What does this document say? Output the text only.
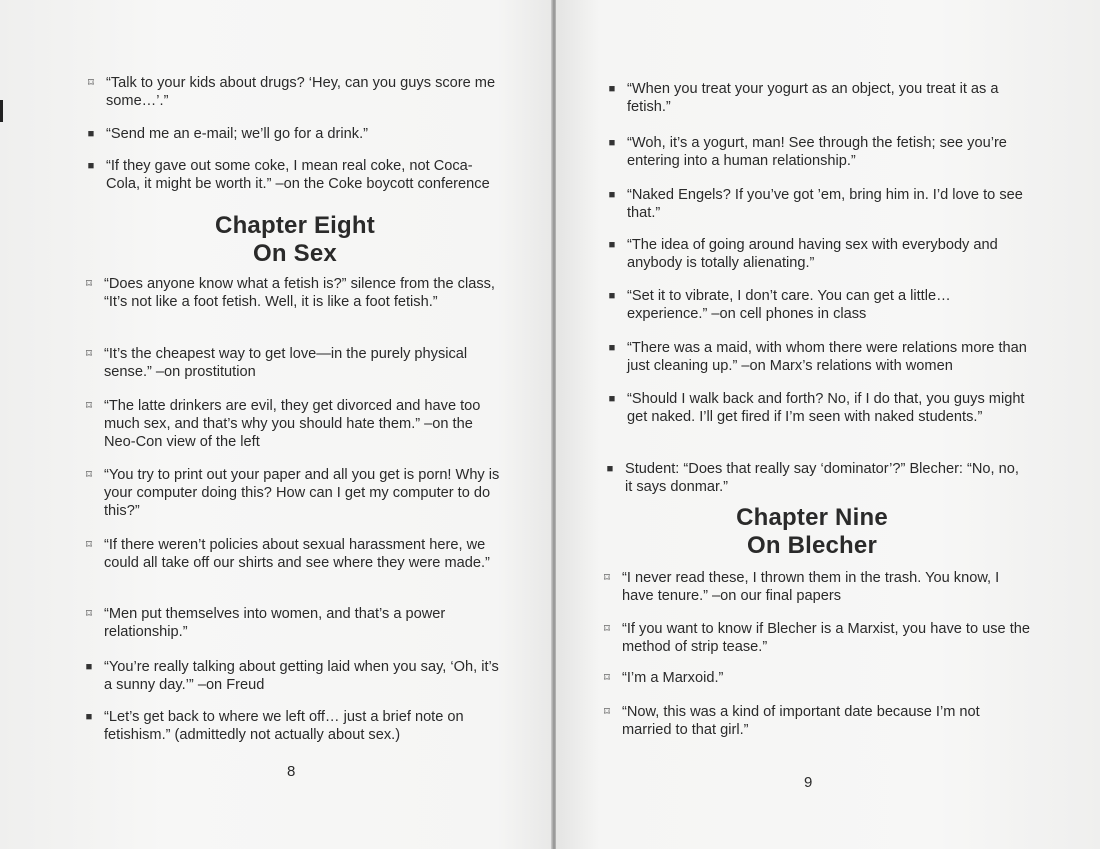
⌑ “Talk to your kids about drugs? ‘Hey, can you guys score me some…’.”
■ “Send me an e-mail; we’ll go for a drink.”
■ “If they gave out some coke, I mean real coke, not Coca-Cola, it might be worth it.” –on the Coke boycott conference
Chapter Eight
On Sex
⌑ “Does anyone know what a fetish is?” silence from the class, “It’s not like a foot fetish. Well, it is like a foot fetish.”
⌑ “It’s the cheapest way to get love—in the purely physical sense.” –on prostitution
⌑ “The latte drinkers are evil, they get divorced and have too much sex, and that’s why you should hate them.” –on the Neo-Con view of the left
⌑ “You try to print out your paper and all you get is porn! Why is your computer doing this? How can I get my computer to do this?”
⌑ “If there weren’t policies about sexual harassment here, we could all take off our shirts and see where they were made.”
⌑ “Men put themselves into women, and that’s a power relationship.”
■ “You’re really talking about getting laid when you say, ‘Oh, it’s a sunny day.’” –on Freud
■ “Let’s get back to where we left off… just a brief note on fetishism.” (admittedly not actually about sex.)
8
■ “When you treat your yogurt as an object, you treat it as a fetish.”
■ “Woh, it’s a yogurt, man! See through the fetish; see you’re entering into a human relationship.”
■ “Naked Engels? If you’ve got ’em, bring him in. I’d love to see that.”
■ “The idea of going around having sex with everybody and anybody is totally alienating.”
■ “Set it to vibrate, I don’t care. You can get a little… experience.” –on cell phones in class
■ “There was a maid, with whom there were relations more than just cleaning up.” –on Marx’s relations with women
■ “Should I walk back and forth? No, if I do that, you guys might get naked. I’ll get fired if I’m seen with naked students.”
■ Student: “Does that really say ‘dominator’?” Blecher: “No, no, it says donmar.”
Chapter Nine
On Blecher
⌑ “I never read these, I thrown them in the trash. You know, I have tenure.” –on our final papers
⌑ “If you want to know if Blecher is a Marxist, you have to use the method of strip tease.”
⌑ “I’m a Marxoid.”
⌑ “Now, this was a kind of important date because I’m not married to that girl.”
9
